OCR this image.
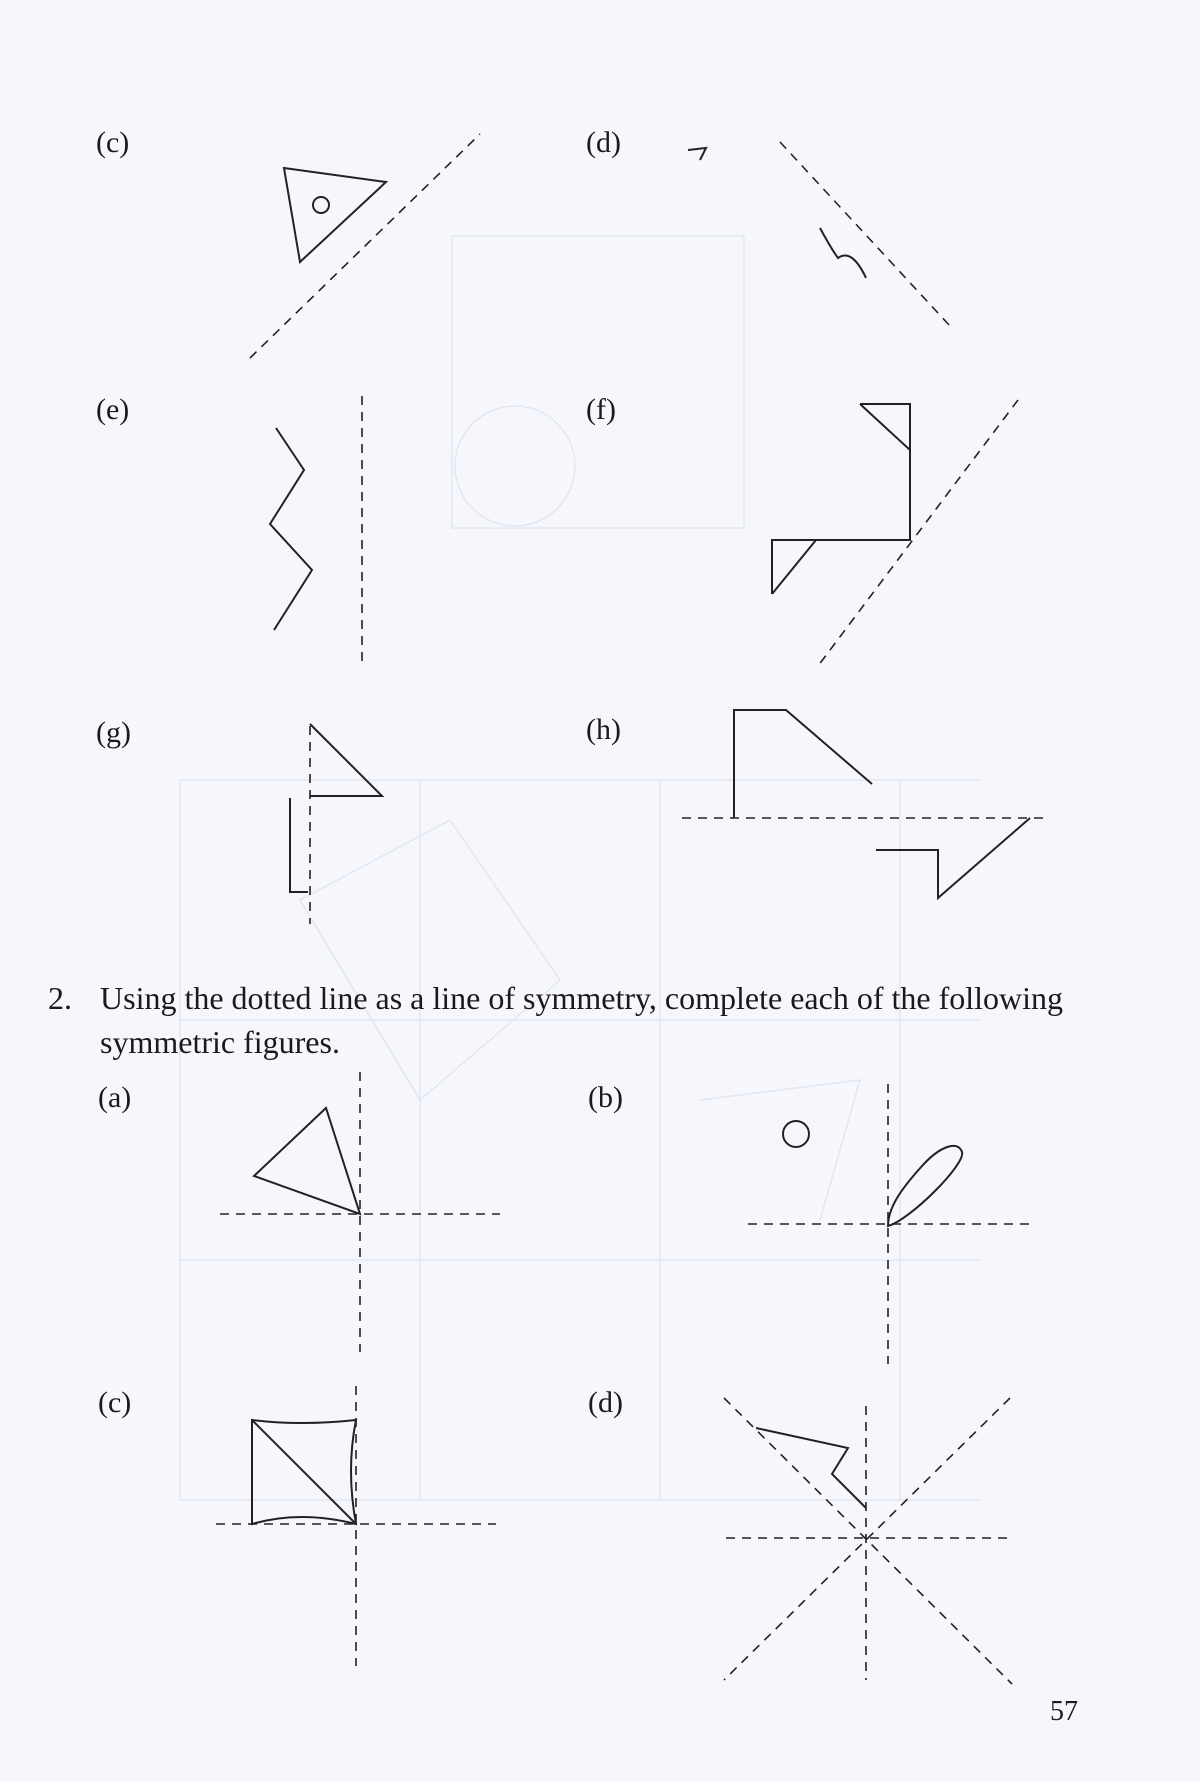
(c)	(d)
(e)	(f)
(g)	(h)
2. Using the dotted line as a line of symmetry, complete each of the following symmetric figures.
(a)	(b)
(c)	(d)
57
